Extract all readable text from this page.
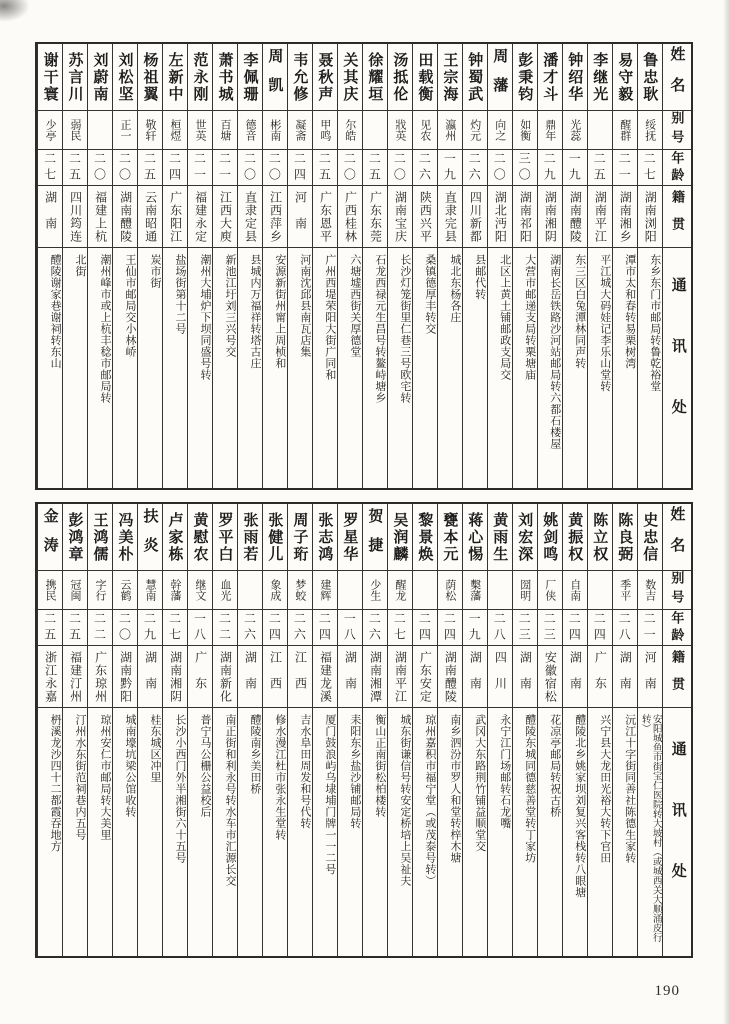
姓名
别号
年龄
籍贯
通讯处
鲁忠耿
绥抚
二七
湖南浏阳
东乡东门市邮局转鲁乾裕堂
易守毅
醒群
二一
湖南湘乡
潭市太和春转易栗树湾
李继光
二五
湖南平江
平江城大码娃记李乐山堂转
钟绍华
光蕊
一九
湖南醴陵
东三区白兔潭林同声转
潘才斗
鼎年
二九
湖南湘阴
湖南长岳铁路沙河站邮局转六都石楼屋
彭秉钧
如衡
三〇
湖南祁阳
大营市邮递支局转栗塘庙
周藩
向之
二〇
湖北沔阳
北区上黄土铺邮政支局交
钟蜀武
灼元
二六
四川新都
县邮代转
王宗海
瀛州
一九
直隶完县
城北东杨各庄
田载衡
见农
二六
陕西兴平
桑镇德厚丰转交
汤抵伦
戕英
二〇
湖南宝庆
长沙灯笼街里仁巷三号欧宅转
徐耀垣
二五
广东东莞
石龙西禄元生昌号转鳌峙塘乡
关其庆
尔皓
二〇
广西桂林
六塘墟西街关厚德堂
聂秋声
甲鸣
二五
广东恩平
广州西堤荣阳大街广同和
韦允修
凝斋
二四
河南
河南沈邱县南瓦店集
周凯
彬南
二〇
江西萍乡
安源新街州甯上周桢和
李佩珊
德音
二〇
直隶定县
县城内万福祥转塔古庄
萧书城
百塘
二一
江西大庾
新池江圩刘三兴号交
范永刚
世英
二一
福建永定
潮州大埔炉下坝同盛号转
左新中
桓煜
二四
广东阳江
盐场街第十二号
杨祖翼
敬轩
二五
云南昭通
炭市街
刘松坚
正一
二〇
湖南醴陵
王仙市邮局交小林峤
刘蔚南
二〇
福建上杭
潮州峰市或上杭丰稔市邮局转
苏言川
弱民
二五
四川筠连
北街
谢干寰
少亭
二七
湖南
醴陵谢家巷谢祠转东山
姓名
别号
年龄
籍贯
通讯处
史忠信
数吉
二一
河南
安阳城鱼市街宝仁医院转大坡村（或城西关大顺涌皮行转）
陈良弼
季平
二八
湖南
沅江十字街同善社陈德生家转
陈立权
二四
广东
兴宁县大龙田光裕大转下官田
黄振权
自南
二四
湖南
醴陵北乡姚家坝刘复兴客栈转八眼塘
姚剑鸣
厂侠
二三
安徽宿松
花凉亭邮局转祝古桥
刘宏深
圀明
二三
湖南
醴陵东城同德慈善堂转丁家坊
黄雨生
二八
四川
永宁江门场邮转石龙嘴
蒋心惕
檕藩
一九
湖南
武冈大东路荆竹铺益顺堂交
甕本元
荫松
二四
湖南醴陵
南乡泗汾市罗人和堂转梓木塘
黎景焕
二四
广东安定
琼州嘉积市福宁堂（或茂泰号转）
吴润麟
醒龙
二七
湖南平江
城东街谦信号转安定桥培上吴祉夫
贺捷
少生
二六
湖南湘潭
衡山正南街松柏楼转
罗星华
一八
湖南
耒阳东乡盐沙铺邮局转
张志鸿
建辉
二四
福建龙溪
厦门鼓浪屿乌埭埔门牌一一二号
周子珩
梦蛟
二六
江西
吉水阜田周发和号代转
张健儿
象成
二四
江西
修水漫江杜市张永生堂转
张雨若
二六
湖南
醴陵南乡美田桥
罗平白
血光
二二
湖南新化
南正街和利永号转水车市汇源长交
黄慰农
继文
一八
广东
普宁马公栅公益校后
卢家栋
幹藩
二七
湖南湘阴
长沙小西门外半湘街六十五号
扶炎
慧南
二九
湖南
桂东城区冲里
冯美朴
云鹤
二〇
湖南黔阳
城南壕坑梁公馆收转
王鸿儒
字行
二二
广东琼州
琼州安仁市邮局转大美里
彭鸿章
冠闽
二五
福建汀州
汀州水东街范祠巷内五号
金涛
携民
二五
浙江永嘉
枬溪龙沙四十二都霞吞地方
190
